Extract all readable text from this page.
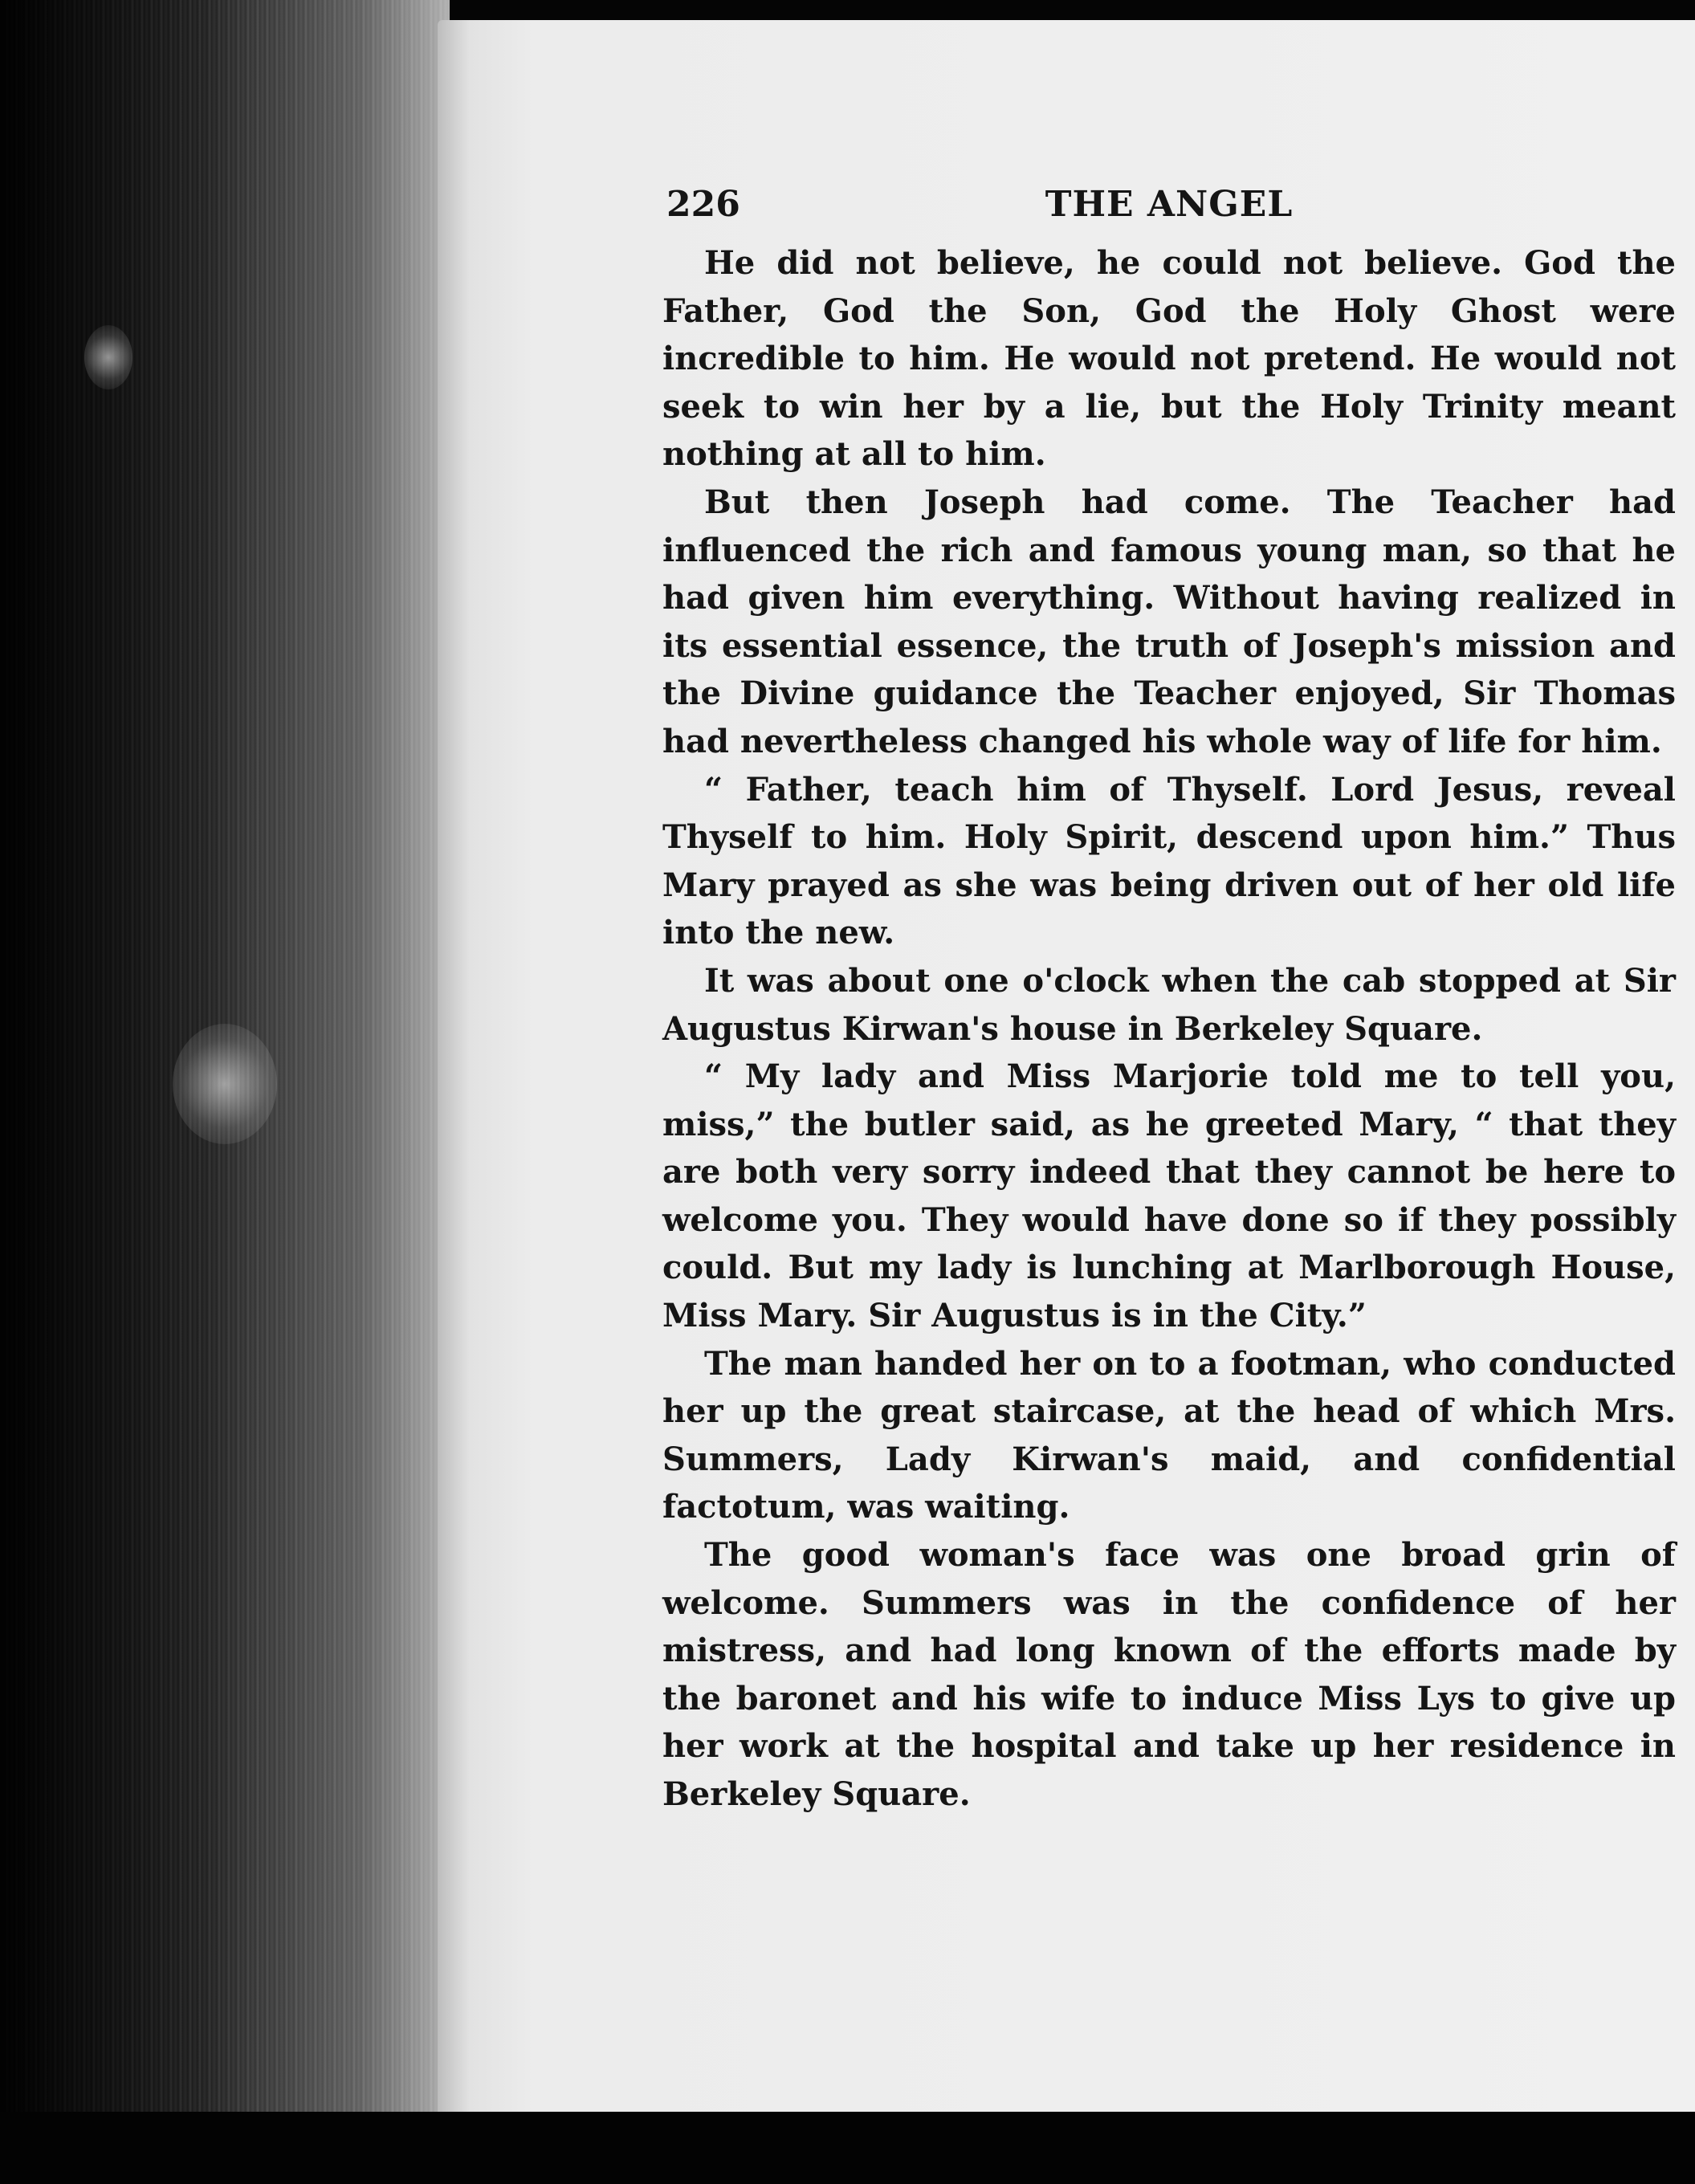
226	THE ANGEL

He did not believe, he could not believe. God the Father, God the Son, God the Holy Ghost were incredible to him. He would not pretend. He would not seek to win her by a lie, but the Holy Trinity meant nothing at all to him.

But then Joseph had come. The Teacher had influenced the rich and famous young man, so that he had given him everything. Without having realized in its essential essence, the truth of Joseph's mission and the Divine guidance the Teacher enjoyed, Sir Thomas had nevertheless changed his whole way of life for him.

“ Father, teach him of Thyself. Lord Jesus, reveal Thyself to him. Holy Spirit, descend upon him.” Thus Mary prayed as she was being driven out of her old life into the new.

It was about one o'clock when the cab stopped at Sir Augustus Kirwan's house in Berkeley Square.

“ My lady and Miss Marjorie told me to tell you, miss,” the butler said, as he greeted Mary, “ that they are both very sorry indeed that they cannot be here to welcome you. They would have done so if they possibly could. But my lady is lunching at Marlborough House, Miss Mary. Sir Augustus is in the City.”

The man handed her on to a footman, who conducted her up the great staircase, at the head of which Mrs. Summers, Lady Kirwan's maid, and confidential factotum, was waiting.

The good woman's face was one broad grin of welcome. Summers was in the confidence of her mistress, and had long known of the efforts made by the baronet and his wife to induce Miss Lys to give up her work at the hospital and take up her residence in Berkeley Square.
